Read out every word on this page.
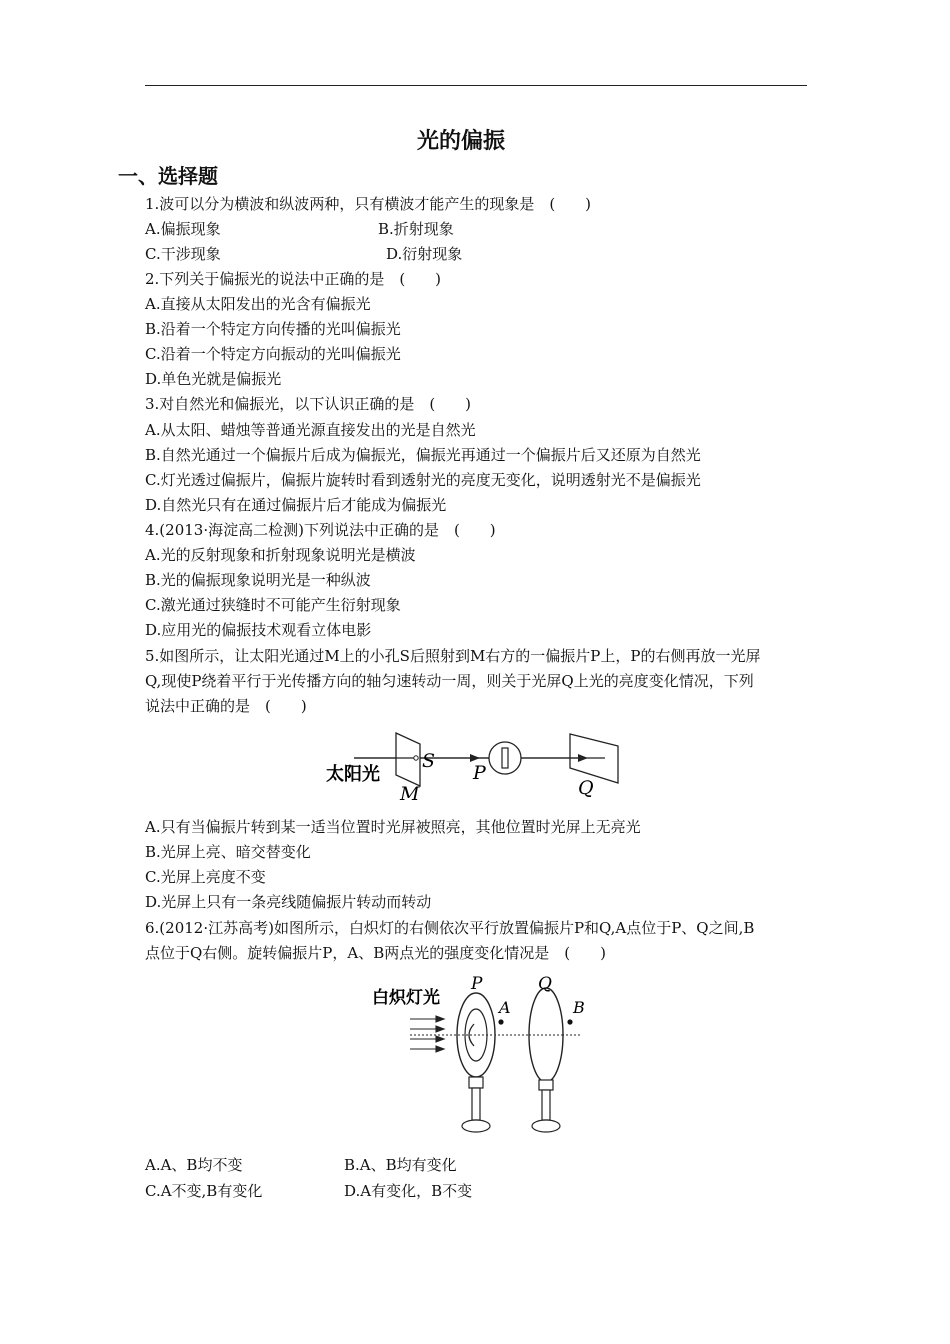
光的偏振
一、选择题
1.波可以分为横波和纵波两种，只有横波才能产生的现象是　(　　)
A.偏振现象	B.折射现象
C.干涉现象	D.衍射现象
2.下列关于偏振光的说法中正确的是　(　　)
A.直接从太阳发出的光含有偏振光
B.沿着一个特定方向传播的光叫偏振光
C.沿着一个特定方向振动的光叫偏振光
D.单色光就是偏振光
3.对自然光和偏振光，以下认识正确的是　(　　)
A.从太阳、蜡烛等普通光源直接发出的光是自然光
B.自然光通过一个偏振片后成为偏振光，偏振光再通过一个偏振片后又还原为自然光
C.灯光透过偏振片，偏振片旋转时看到透射光的亮度无变化，说明透射光不是偏振光
D.自然光只有在通过偏振片后才能成为偏振光
4.(2013·海淀高二检测)下列说法中正确的是　(　　)
A.光的反射现象和折射现象说明光是横波
B.光的偏振现象说明光是一种纵波
C.激光通过狭缝时不可能产生衍射现象
D.应用光的偏振技术观看立体电影
5.如图所示，让太阳光通过M上的小孔S后照射到M右方的一偏振片P上，P的右侧再放一光屏
Q,现使P绕着平行于光传播方向的轴匀速转动一周，则关于光屏Q上光的亮度变化情况，下列
说法中正确的是　(　　)
太阳光
S
P
M	Q
A.只有当偏振片转到某一适当位置时光屏被照亮，其他位置时光屏上无亮光
B.光屏上亮、暗交替变化
C.光屏上亮度不变
D.光屏上只有一条亮线随偏振片转动而转动
6.(2012·江苏高考)如图所示，白炽灯的右侧依次平行放置偏振片P和Q,A点位于P、Q之间,B
点位于Q右侧。旋转偏振片P，A、B两点光的强度变化情况是　(　　)
白炽灯光
P	Q
A	B
A.A、B均不变	B.A、B均有变化
C.A不变,B有变化	D.A有变化，B不变
